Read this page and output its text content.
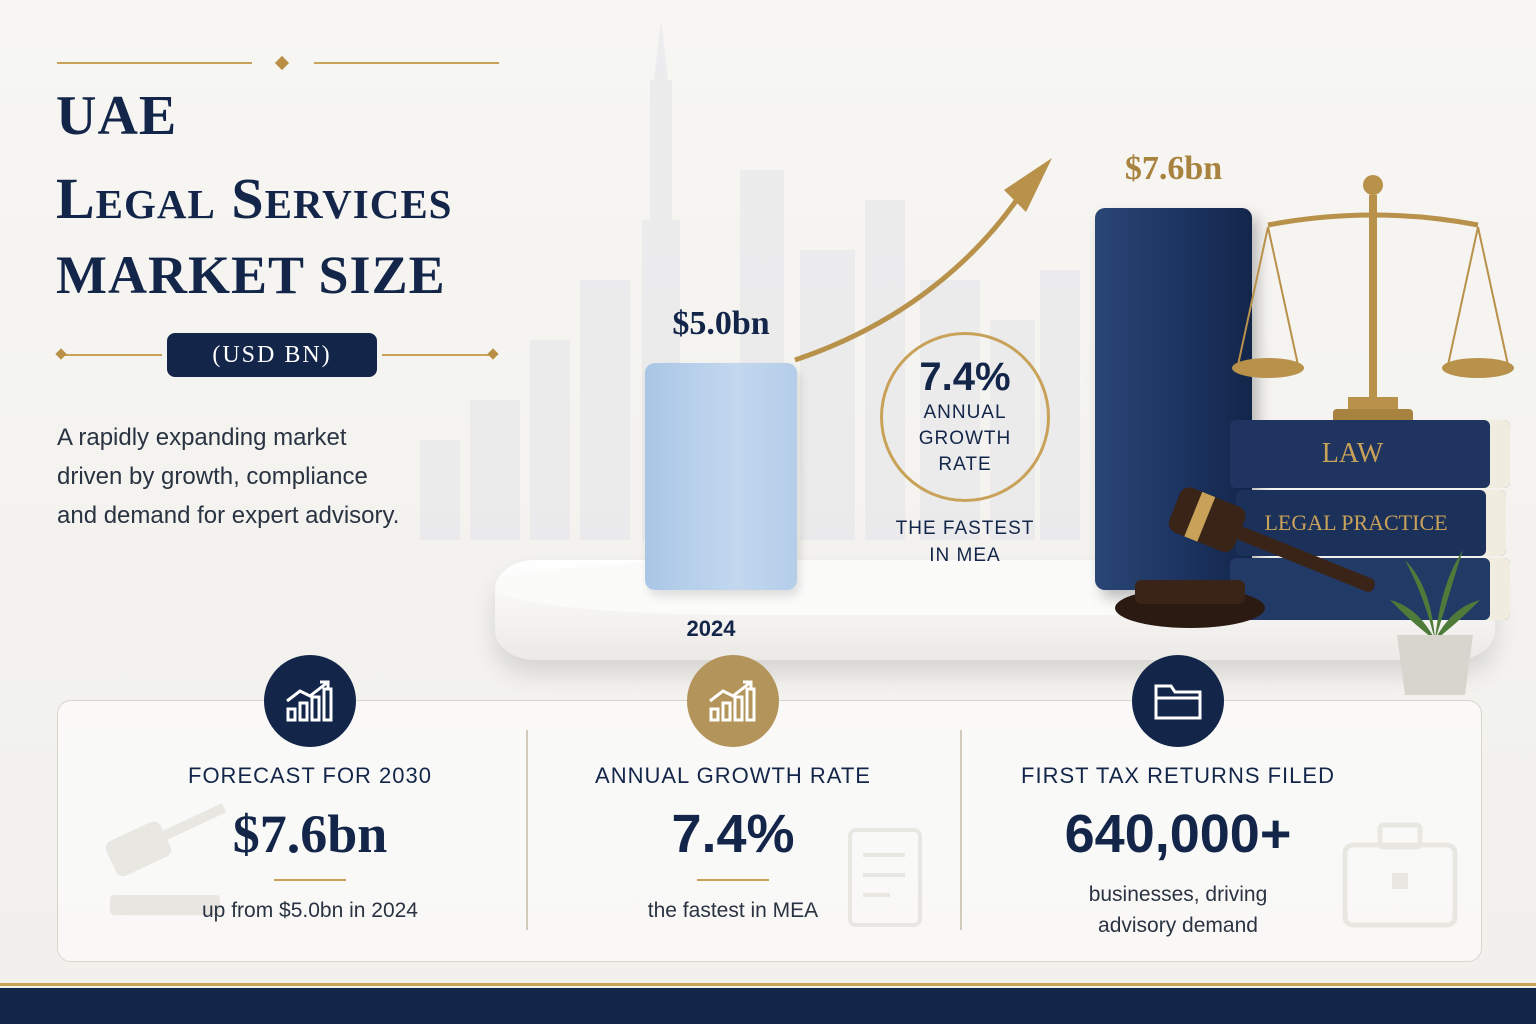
UAE
Legal Services
MARKET SIZE
(USD BN)
A rapidly expanding market
driven by growth, compliance
and demand for expert advisory.
$5.0bn
$7.6bn
2024
7.4%
ANNUAL
GROWTH
RATE
THE FASTEST
IN MEA
LAW
LEGAL PRACTICE
FORECAST FOR 2030
$7.6bn
up from $5.0bn in 2024
ANNUAL GROWTH RATE
7.4%
the fastest in MEA
FIRST TAX RETURNS FILED
640,000+
businesses, driving
advisory demand
